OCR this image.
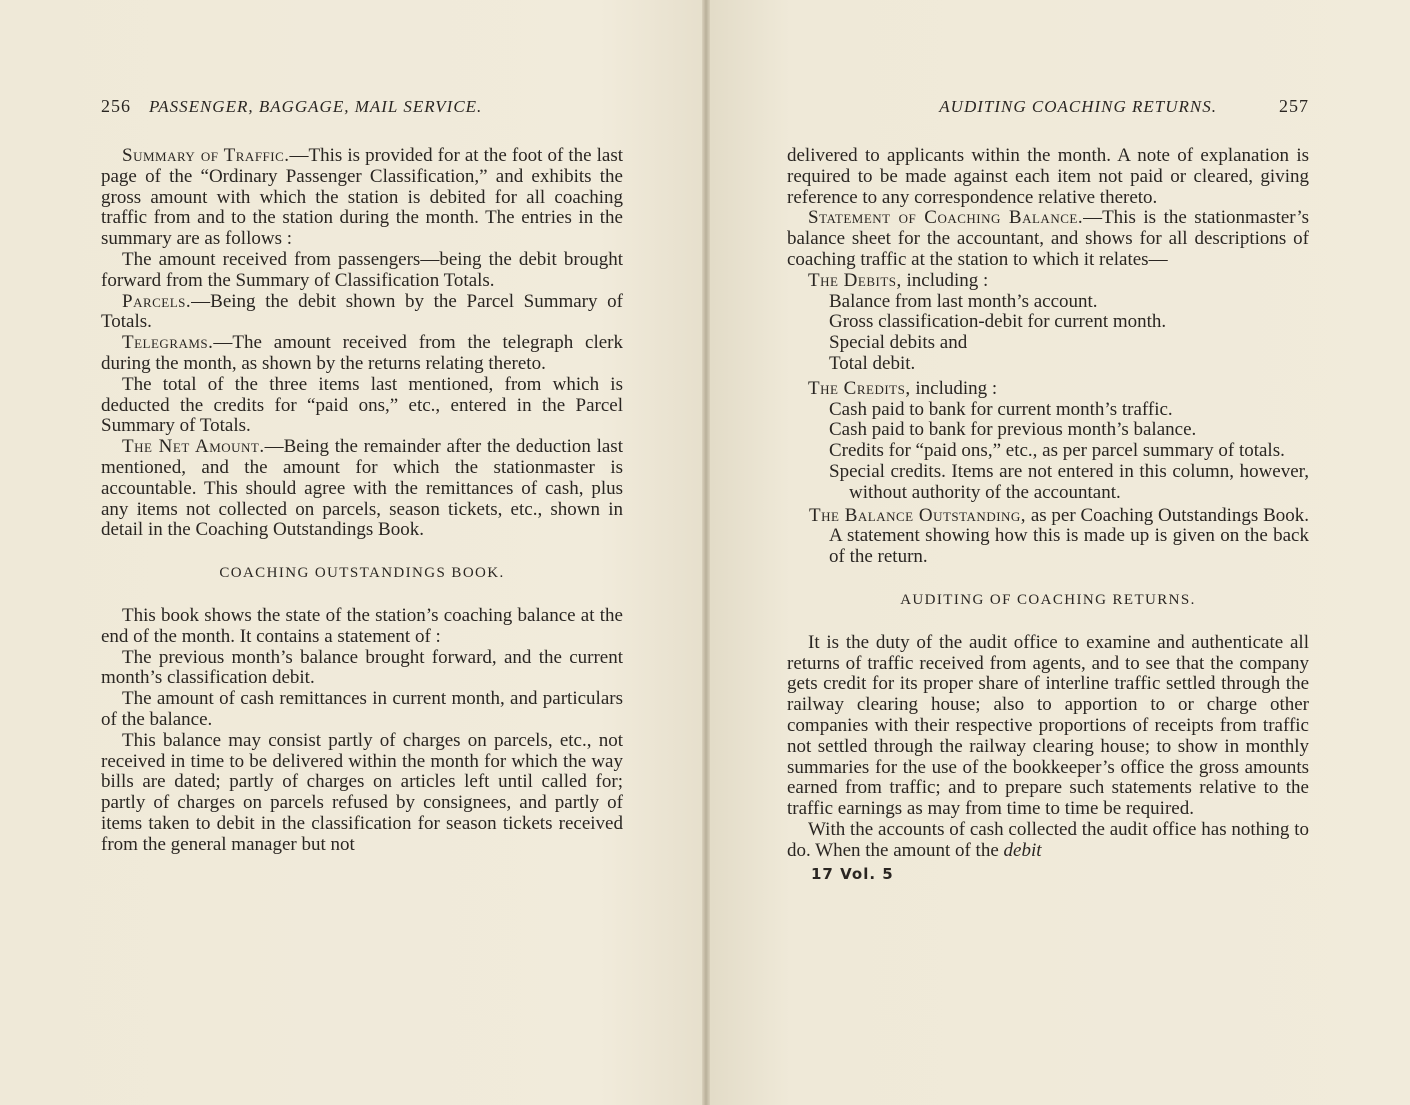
256 PASSENGER, BAGGAGE, MAIL SERVICE.

Summary of Traffic.—This is provided for at the foot of the last page of the “Ordinary Passenger Classification,” and exhibits the gross amount with which the station is debited for all coaching traffic from and to the station during the month. The entries in the summary are as follows :

The amount received from passengers—being the debit brought forward from the Summary of Classification Totals.

Parcels.—Being the debit shown by the Parcel Summary of Totals.

Telegrams.—The amount received from the telegraph clerk during the month, as shown by the returns relating thereto.

The total of the three items last mentioned, from which is deducted the credits for “paid ons,” etc., entered in the Parcel Summary of Totals.

The Net Amount.—Being the remainder after the deduction last mentioned, and the amount for which the stationmaster is accountable. This should agree with the remittances of cash, plus any items not collected on parcels, season tickets, etc., shown in detail in the Coaching Outstandings Book.

COACHING OUTSTANDINGS BOOK.

This book shows the state of the station’s coaching balance at the end of the month. It contains a statement of :

The previous month’s balance brought forward, and the current month’s classification debit.

The amount of cash remittances in current month, and particulars of the balance.

This balance may consist partly of charges on parcels, etc., not received in time to be delivered within the month for which the way bills are dated; partly of charges on articles left until called for; partly of charges on parcels refused by consignees, and partly of items taken to debit in the classification for season tickets received from the general manager but not

AUDITING COACHING RETURNS.	257

delivered to applicants within the month. A note of explanation is required to be made against each item not paid or cleared, giving reference to any correspondence relative thereto.

Statement of Coaching Balance.—This is the stationmaster’s balance sheet for the accountant, and shows for all descriptions of coaching traffic at the station to which it relates—

The Debits, including :

Balance from last month’s account.

Gross classification-debit for current month.

Special debits and

Total debit.

The Credits, including :

Cash paid to bank for current month’s traffic.

Cash paid to bank for previous month’s balance.

Credits for “paid ons,” etc., as per parcel summary of totals.

Special credits. Items are not entered in this column, however, without authority of the accountant.

The Balance Outstanding, as per Coaching Outstandings Book. A statement showing how this is made up is given on the back of the return.

AUDITING OF COACHING RETURNS.

It is the duty of the audit office to examine and authenticate all returns of traffic received from agents, and to see that the company gets credit for its proper share of interline traffic settled through the railway clearing house; also to apportion to or charge other companies with their respective proportions of receipts from traffic not settled through the railway clearing house; to show in monthly summaries for the use of the bookkeeper’s office the gross amounts earned from traffic; and to prepare such statements relative to the traffic earnings as may from time to time be required.

With the accounts of cash collected the audit office has nothing to do. When the amount of the debit

17 Vol. 5
